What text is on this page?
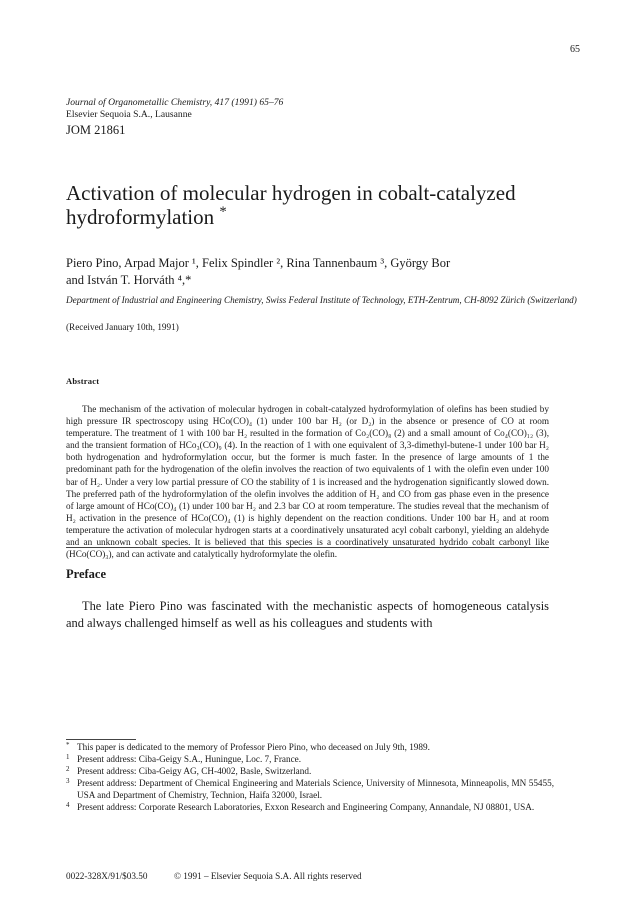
65
Journal of Organometallic Chemistry, 417 (1991) 65–76
Elsevier Sequoia S.A., Lausanne
JOM 21861
Activation of molecular hydrogen in cobalt-catalyzed
hydroformylation *
Piero Pino, Arpad Major ¹, Felix Spindler ², Rina Tannenbaum ³, György Bor
and István T. Horváth ⁴,*
Department of Industrial and Engineering Chemistry, Swiss Federal Institute of Technology, ETH-Zentrum, CH-8092 Zürich (Switzerland)
(Received January 10th, 1991)
Abstract
The mechanism of the activation of molecular hydrogen in cobalt-catalyzed hydroformylation of olefins has been studied by high pressure IR spectroscopy using HCo(CO)₄ (1) under 100 bar H₂ (or D₂) in the absence or presence of CO at room temperature. The treatment of 1 with 100 bar H₂ resulted in the formation of Co₂(CO)₈ (2) and a small amount of Co₄(CO)₁₂ (3), and the transient formation of HCo₃(CO)₉ (4). In the reaction of 1 with one equivalent of 3,3-dimethyl-butene-1 under 100 bar H₂ both hydrogenation and hydroformylation occur, but the former is much faster. In the presence of large amounts of 1 the predominant path for the hydrogenation of the olefin involves the reaction of two equivalents of 1 with the olefin even under 100 bar of H₂. Under a very low partial pressure of CO the stability of 1 is increased and the hydrogenation significantly slowed down. The preferred path of the hydroformylation of the olefin involves the addition of H₂ and CO from gas phase even in the presence of large amount of HCo(CO)₄ (1) under 100 bar H₂ and 2.3 bar CO at room temperature. The studies reveal that the mechanism of H₂ activation in the presence of HCo(CO)₄ (1) is highly dependent on the reaction conditions. Under 100 bar H₂ and at room temperature the activation of molecular hydrogen starts at a coordinatively unsaturated acyl cobalt carbonyl, yielding an aldehyde and an unknown cobalt species. It is believed that this species is a coordinatively unsaturated hydrido cobalt carbonyl like (HCo(CO)₃), and can activate and catalytically hydroformylate the olefin.
Preface
The late Piero Pino was fascinated with the mechanistic aspects of homogeneous catalysis and always challenged himself as well as his colleagues and students with
* This paper is dedicated to the memory of Professor Piero Pino, who deceased on July 9th, 1989.
1 Present address: Ciba-Geigy S.A., Huningue, Loc. 7, France.
2 Present address: Ciba-Geigy AG, CH-4002, Basle, Switzerland.
3 Present address: Department of Chemical Engineering and Materials Science, University of Minnesota, Minneapolis, MN 55455, USA and Department of Chemistry, Technion, Haifa 32000, Israel.
4 Present address: Corporate Research Laboratories, Exxon Research and Engineering Company, Annandale, NJ 08801, USA.
0022-328X/91/$03.50	© 1991 – Elsevier Sequoia S.A. All rights reserved
